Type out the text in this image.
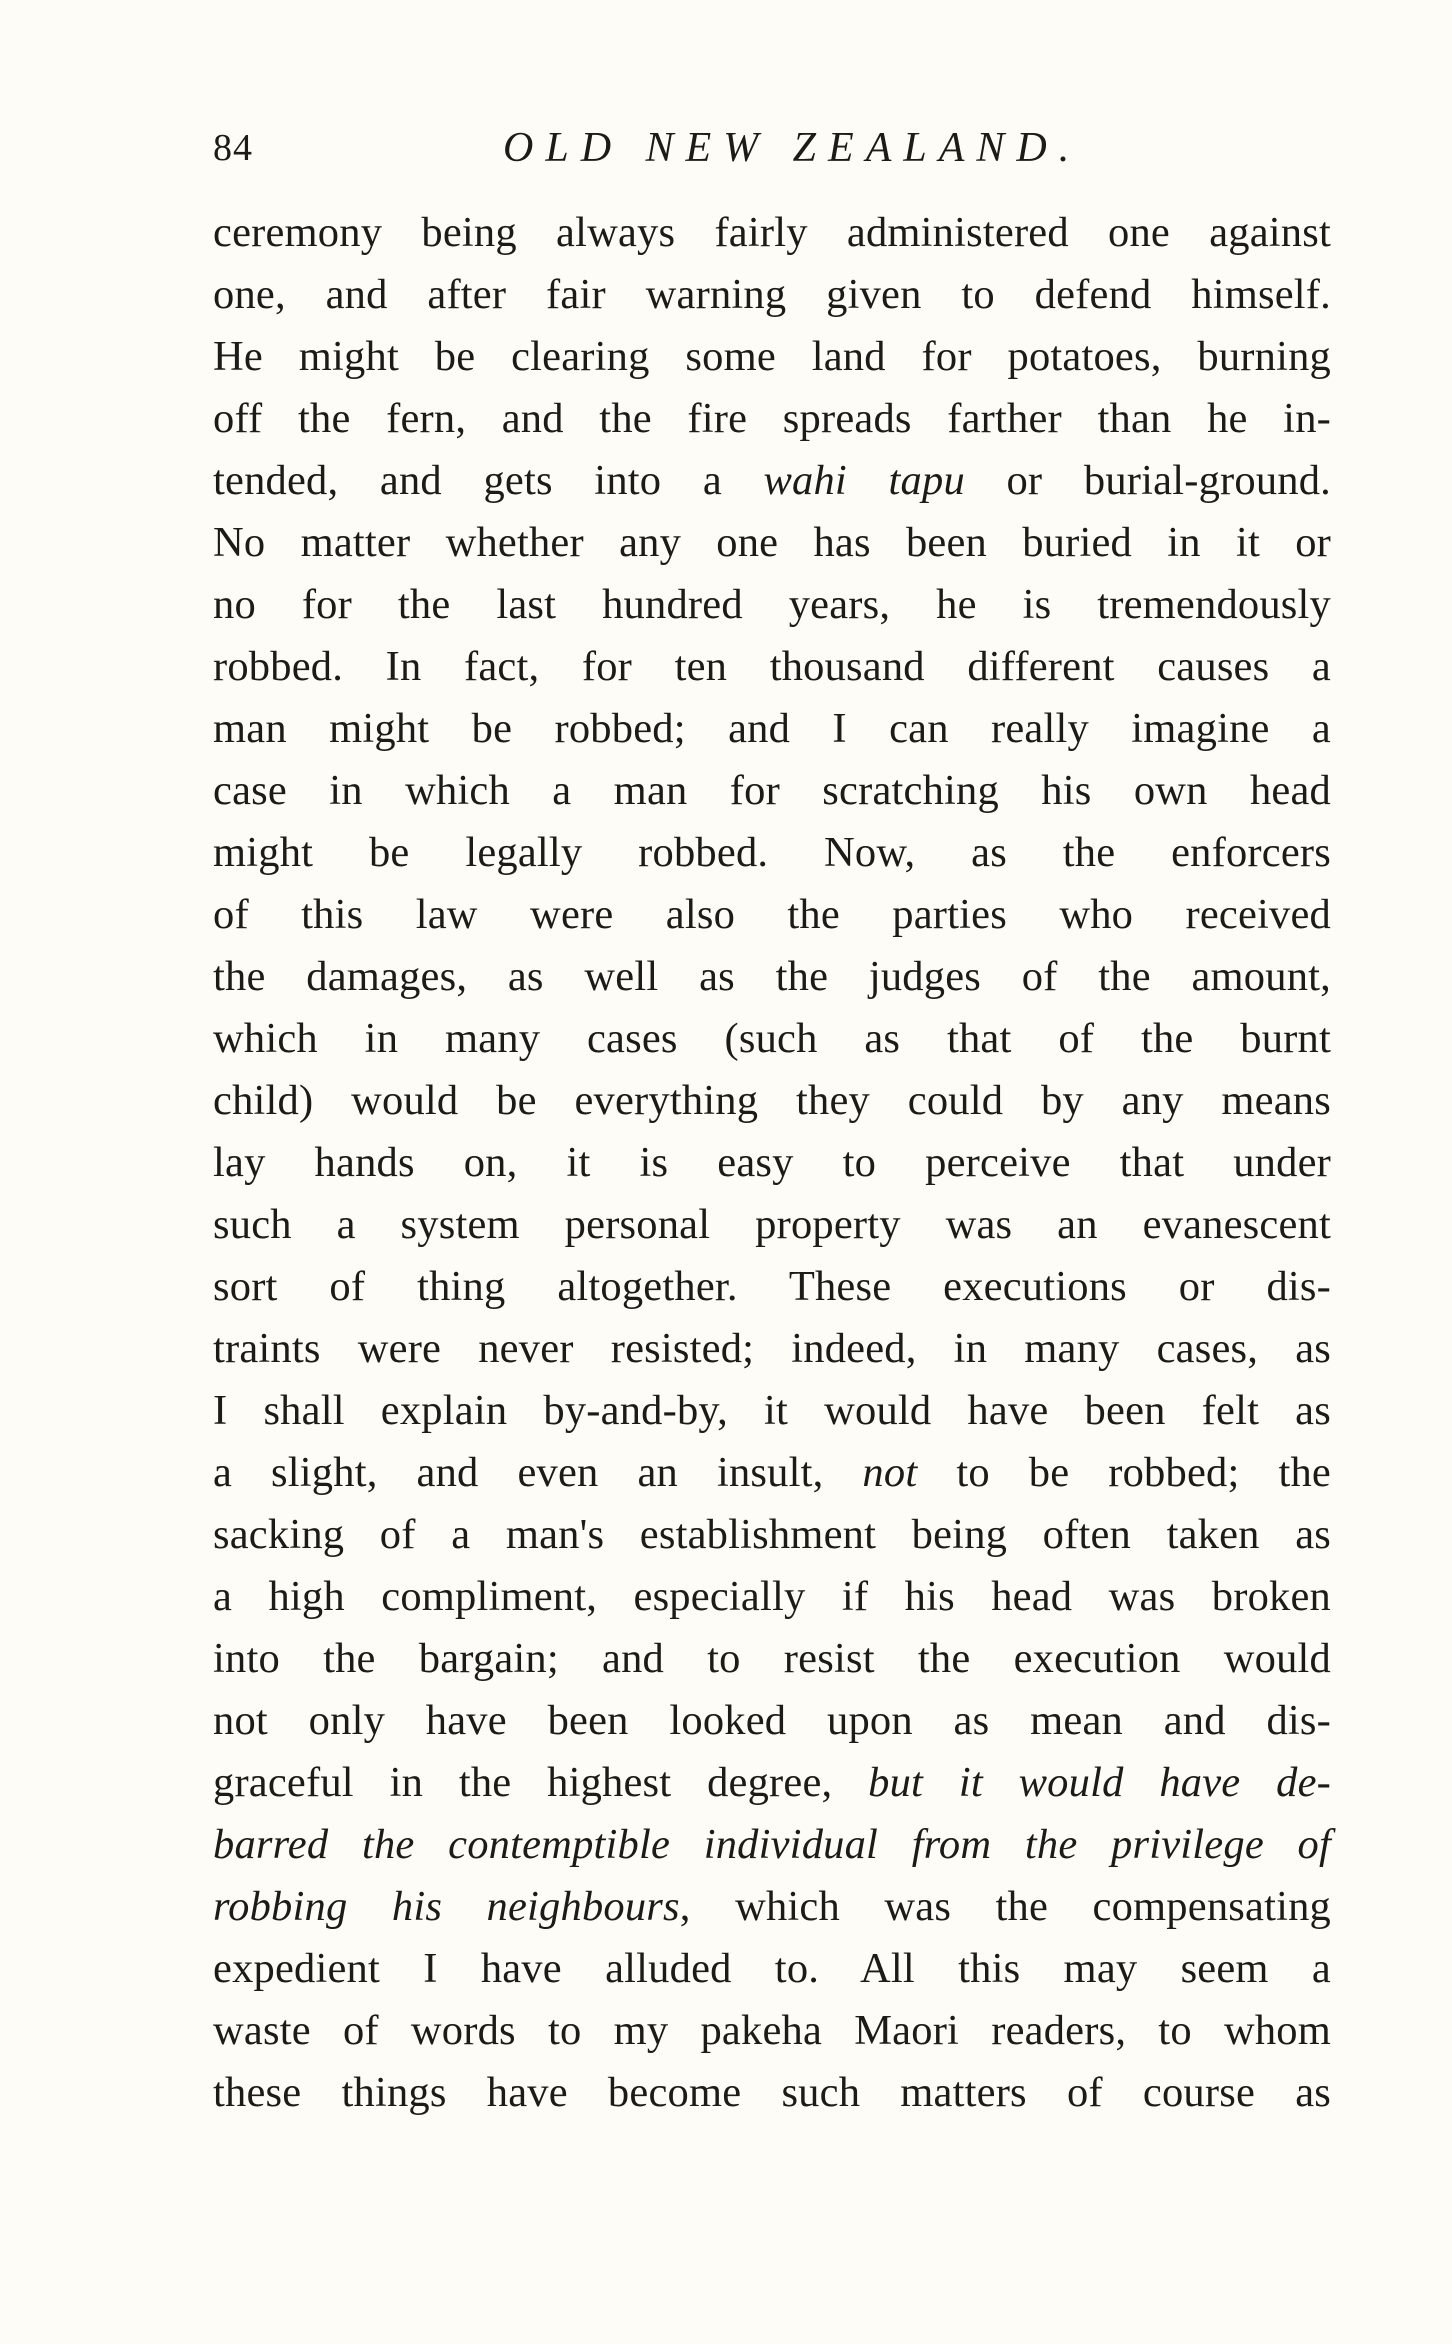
84	OLD NEW ZEALAND.
ceremony being always fairly administered one against
one, and after fair warning given to defend himself.
He might be clearing some land for potatoes, burning
off the fern, and the fire spreads farther than he in-
tended, and gets into a wahi tapu or burial-ground.
No matter whether any one has been buried in it or
no for the last hundred years, he is tremendously
robbed. In fact, for ten thousand different causes a
man might be robbed; and I can really imagine a
case in which a man for scratching his own head
might be legally robbed. Now, as the enforcers
of this law were also the parties who received
the damages, as well as the judges of the amount,
which in many cases (such as that of the burnt
child) would be everything they could by any means
lay hands on, it is easy to perceive that under
such a system personal property was an evanescent
sort of thing altogether. These executions or dis-
traints were never resisted; indeed, in many cases, as
I shall explain by-and-by, it would have been felt as
a slight, and even an insult, not to be robbed; the
sacking of a man's establishment being often taken as
a high compliment, especially if his head was broken
into the bargain; and to resist the execution would
not only have been looked upon as mean and dis-
graceful in the highest degree, but it would have de-
barred the contemptible individual from the privilege of
robbing his neighbours, which was the compensating
expedient I have alluded to. All this may seem a
waste of words to my pakeha Maori readers, to whom
these things have become such matters of course as
